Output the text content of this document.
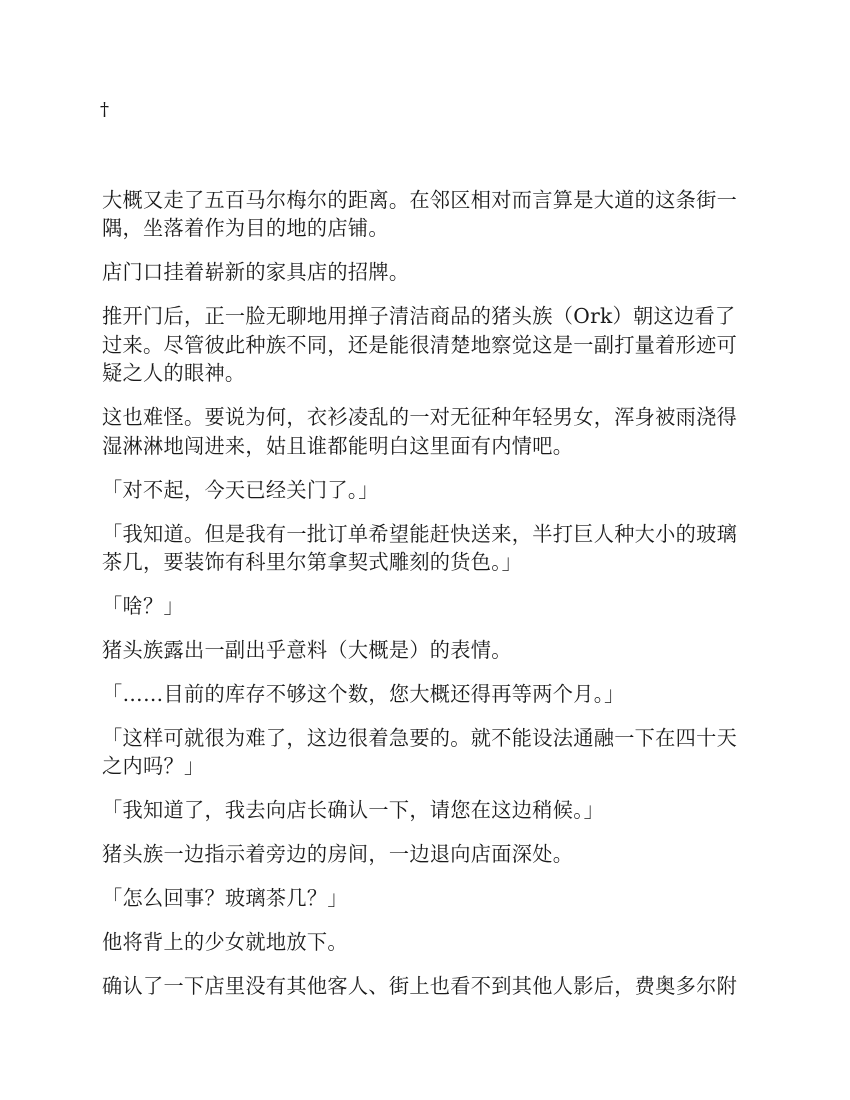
†

大概又走了五百马尔梅尔的距离。在邻区相对而言算是大道的这条街一隅，坐落着作为目的地的店铺。

店门口挂着崭新的家具店的招牌。

推开门后，正一脸无聊地用掸子清洁商品的猪头族（Ork）朝这边看了过来。尽管彼此种族不同，还是能很清楚地察觉这是一副打量着形迹可疑之人的眼神。

这也难怪。要说为何，衣衫凌乱的一对无征种年轻男女，浑身被雨浇得湿淋淋地闯进来，姑且谁都能明白这里面有内情吧。

「对不起，今天已经关门了。」

「我知道。但是我有一批订单希望能赶快送来，半打巨人种大小的玻璃茶几，要装饰有科里尔第拿契式雕刻的货色。」

「啥？」

猪头族露出一副出乎意料（大概是）的表情。

「……目前的库存不够这个数，您大概还得再等两个月。」

「这样可就很为难了，这边很着急要的。就不能设法通融一下在四十天之内吗？」

「我知道了，我去向店长确认一下，请您在这边稍候。」

猪头族一边指示着旁边的房间，一边退向店面深处。

「怎么回事？玻璃茶几？」

他将背上的少女就地放下。

确认了一下店里没有其他客人、街上也看不到其他人影后，费奥多尔附
